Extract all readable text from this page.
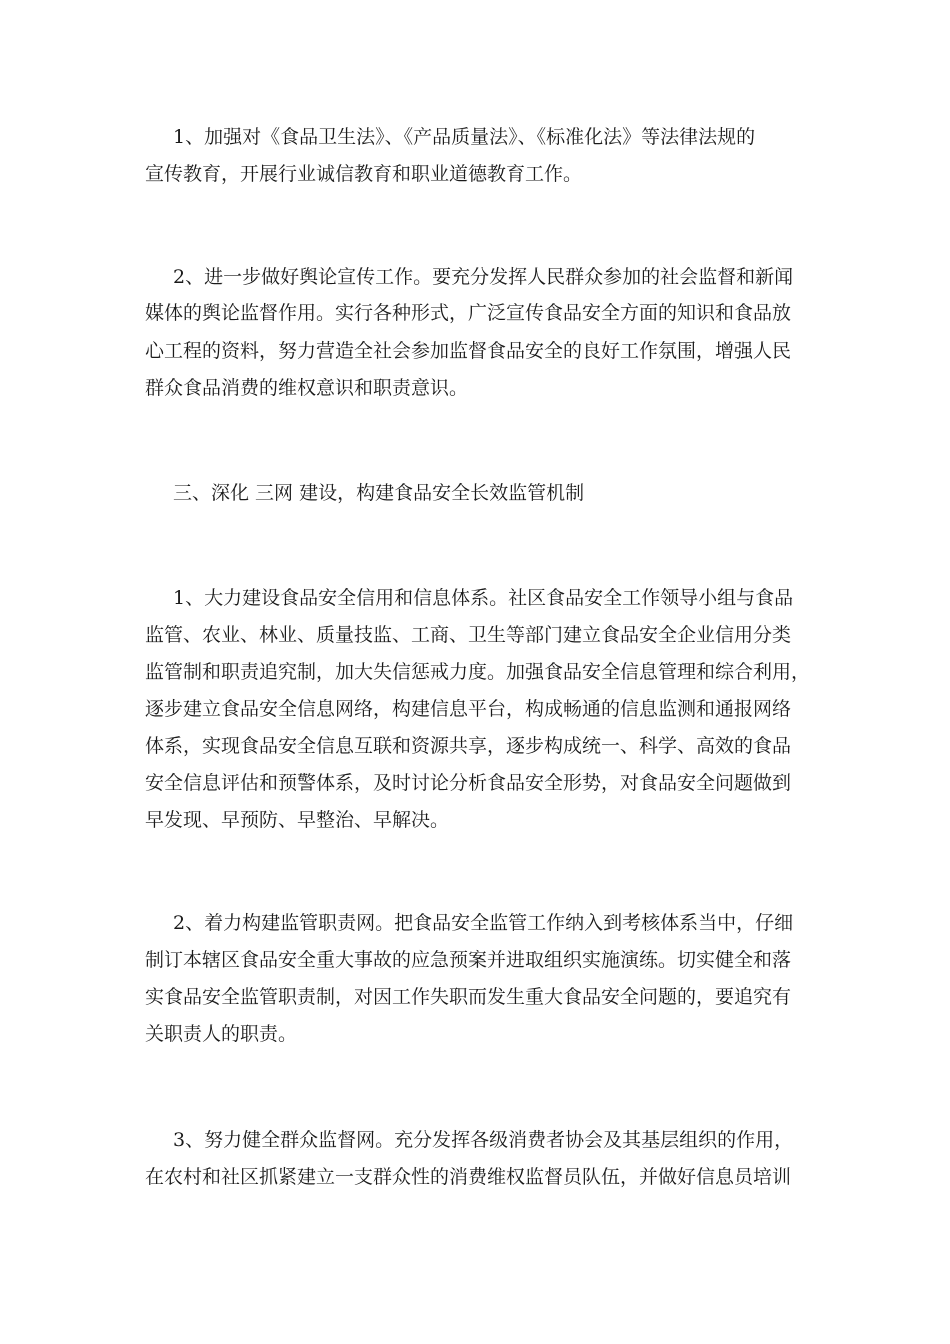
1、加强对《食品卫生法》、《产品质量法》、《标准化法》等法律法规的
宣传教育，开展行业诚信教育和职业道德教育工作。
2、进一步做好舆论宣传工作。要充分发挥人民群众参加的社会监督和新闻
媒体的舆论监督作用。实行各种形式，广泛宣传食品安全方面的知识和食品放
心工程的资料，努力营造全社会参加监督食品安全的良好工作氛围，增强人民
群众食品消费的维权意识和职责意识。
三、深化 三网 建设，构建食品安全长效监管机制
1、大力建设食品安全信用和信息体系。社区食品安全工作领导小组与食品
监管、农业、林业、质量技监、工商、卫生等部门建立食品安全企业信用分类
监管制和职责追究制，加大失信惩戒力度。加强食品安全信息管理和综合利用，
逐步建立食品安全信息网络，构建信息平台，构成畅通的信息监测和通报网络
体系，实现食品安全信息互联和资源共享，逐步构成统一、科学、高效的食品
安全信息评估和预警体系，及时讨论分析食品安全形势，对食品安全问题做到
早发现、早预防、早整治、早解决。
2、着力构建监管职责网。把食品安全监管工作纳入到考核体系当中，仔细
制订本辖区食品安全重大事故的应急预案并进取组织实施演练。切实健全和落
实食品安全监管职责制，对因工作失职而发生重大食品安全问题的，要追究有
关职责人的职责。
3、努力健全群众监督网。充分发挥各级消费者协会及其基层组织的作用，
在农村和社区抓紧建立一支群众性的消费维权监督员队伍，并做好信息员培训
